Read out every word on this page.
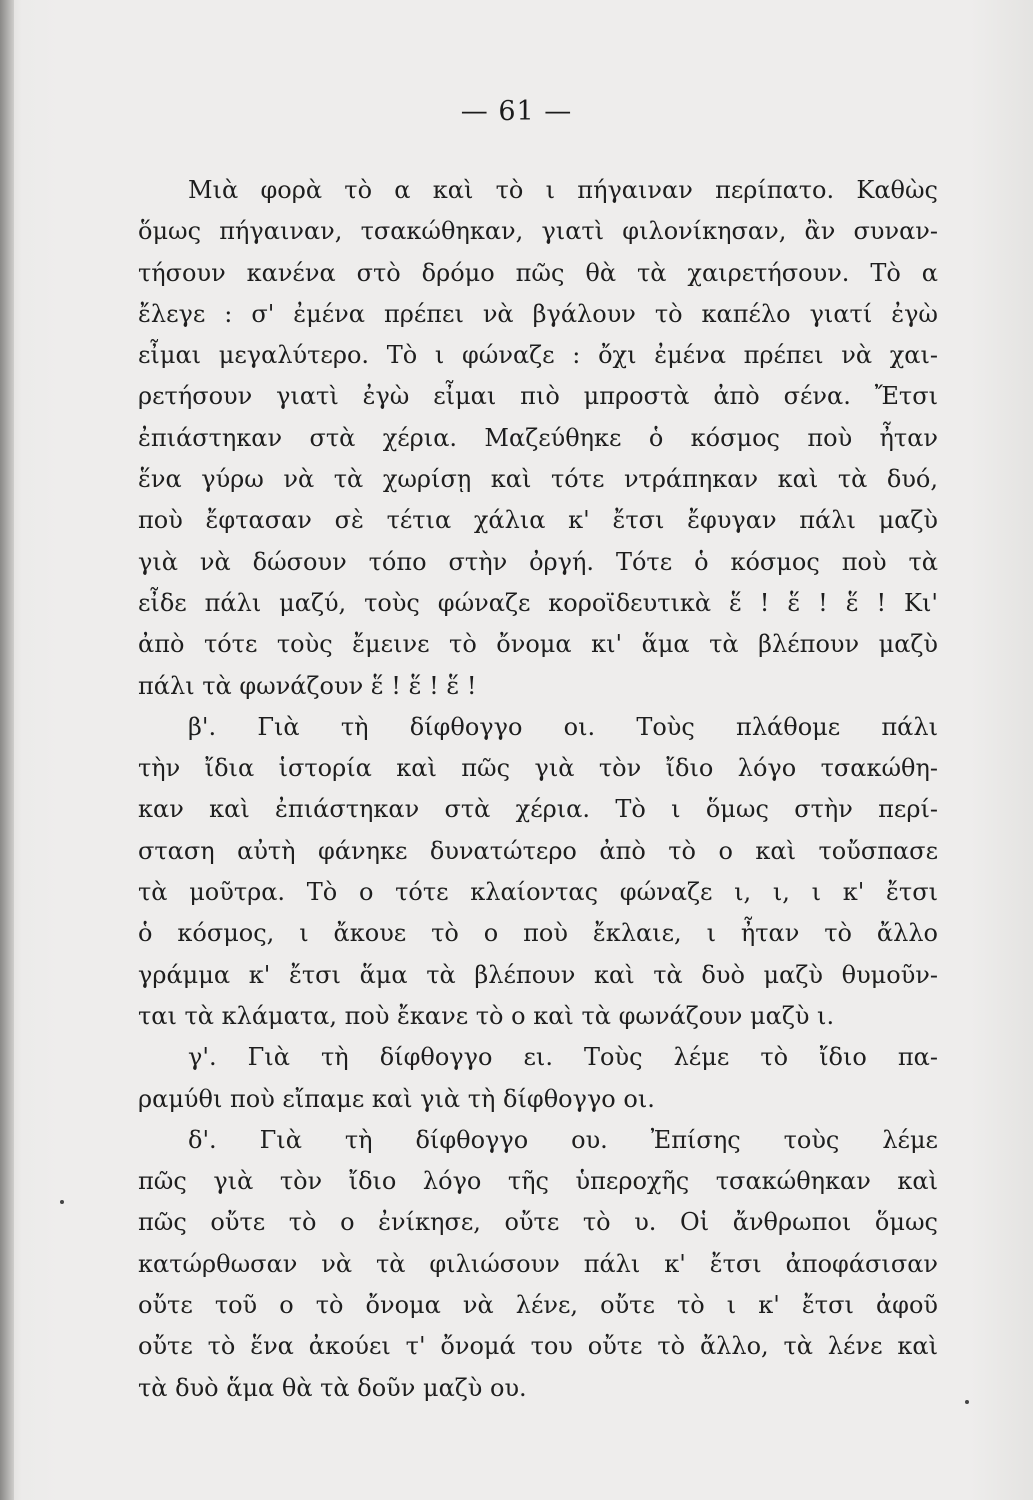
— 61 —
Μιὰ φορὰ τὸ α καὶ τὸ ι πήγαιναν περίπατο. Καθὼς
ὅμως πήγαιναν, τσακώθηκαν, γιατὶ φιλονίκησαν, ἂν συναν-
τήσουν κανένα στὸ δρόμο πῶς θὰ τὰ χαιρετήσουν. Τὸ α
ἔλεγε : σ' ἐμένα πρέπει νὰ βγάλουν τὸ καπέλο γιατί ἐγὼ
εἶμαι μεγαλύτερο. Τὸ ι φώναζε : ὄχι ἐμένα πρέπει νὰ χαι-
ρετήσουν γιατὶ ἐγὼ εἶμαι πιὸ μπροστὰ ἀπὸ σένα. Ἔτσι
ἐπιάστηκαν στὰ χέρια. Μαζεύθηκε ὁ κόσμος ποὺ ἦταν
ἕνα γύρω νὰ τὰ χωρίσῃ καὶ τότε ντράπηκαν καὶ τὰ δυό,
ποὺ ἔφτασαν σὲ τέτια χάλια κ' ἔτσι ἔφυγαν πάλι μαζὺ
γιὰ νὰ δώσουν τόπο στὴν ὀργή. Τότε ὁ κόσμος ποὺ τὰ
εἶδε πάλι μαζύ, τοὺς φώναζε κοροϊδευτικὰ ἕ ! ἕ ! ἕ ! Κι'
ἀπὸ τότε τοὺς ἔμεινε τὸ ὄνομα κι' ἅμα τὰ βλέπουν μαζὺ
πάλι τὰ φωνάζουν ἕ ! ἕ ! ἕ !
β'. Γιὰ τὴ δίφθογγο οι. Τοὺς πλάθομε πάλι
τὴν ἴδια ἱστορία καὶ πῶς γιὰ τὸν ἴδιο λόγο τσακώθη-
καν καὶ ἐπιάστηκαν στὰ χέρια. Τὸ ι ὅμως στὴν περί-
σταση αὐτὴ φάνηκε δυνατώτερο ἀπὸ τὸ ο καὶ τοὔσπασε
τὰ μοῦτρα. Τὸ ο τότε κλαίοντας φώναζε ι, ι, ι κ' ἔτσι
ὁ κόσμος, ι ἄκουε τὸ ο ποὺ ἔκλαιε, ι ἦταν τὸ ἄλλο
γράμμα κ' ἔτσι ἅμα τὰ βλέπουν καὶ τὰ δυὸ μαζὺ θυμοῦν-
ται τὰ κλάματα, ποὺ ἔκανε τὸ ο καὶ τὰ φωνάζουν μαζὺ ι.
γ'. Γιὰ τὴ δίφθογγο ει. Τοὺς λέμε τὸ ἴδιο πα-
ραμύθι ποὺ εἴπαμε καὶ γιὰ τὴ δίφθογγο οι.
δ'. Γιὰ τὴ δίφθογγο ου. Ἐπίσης τοὺς λέμε
πῶς γιὰ τὸν ἴδιο λόγο τῆς ὑπεροχῆς τσακώθηκαν καὶ
πῶς οὔτε τὸ ο ἐνίκησε, οὔτε τὸ υ. Οἱ ἄνθρωποι ὅμως
κατώρθωσαν νὰ τὰ φιλιώσουν πάλι κ' ἔτσι ἀποφάσισαν
οὔτε τοῦ ο τὸ ὄνομα νὰ λένε, οὔτε τὸ ι κ' ἔτσι ἀφοῦ
οὔτε τὸ ἕνα ἀκούει τ' ὄνομά του οὔτε τὸ ἄλλο, τὰ λένε καὶ
τὰ δυὸ ἅμα θὰ τὰ δοῦν μαζὺ ου.
